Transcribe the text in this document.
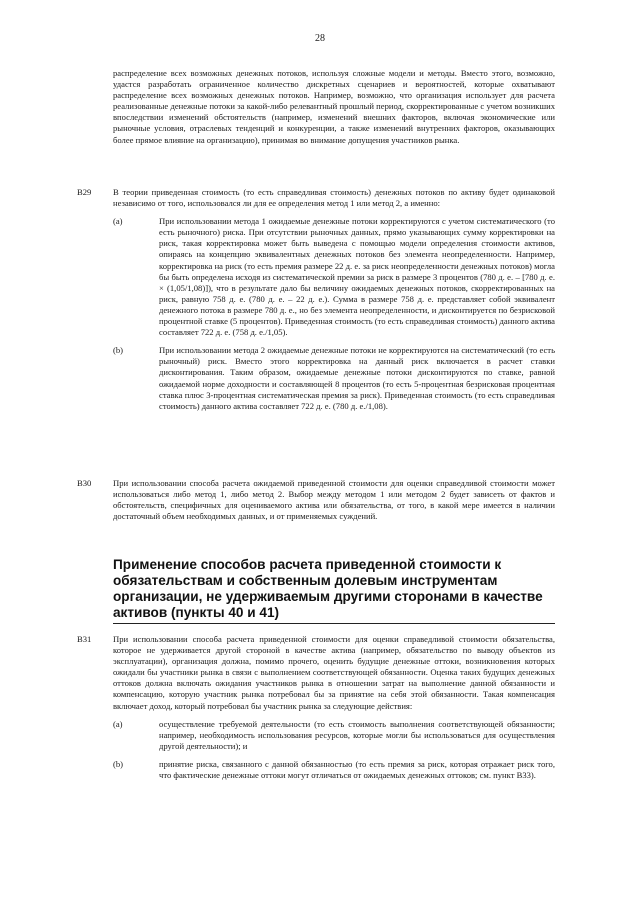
28
распределение всех возможных денежных потоков, используя сложные модели и методы. Вместо этого, возможно, удастся разработать ограниченное количество дискретных сценариев и вероятностей, которые охватывают распределение всех возможных денежных потоков. Например, возможно, что организация использует для расчета реализованные денежные потоки за какой-либо релевантный прошлый период, скорректированные с учетом возникших впоследствии изменений обстоятельств (например, изменений внешних факторов, включая экономические или рыночные условия, отраслевых тенденций и конкуренции, а также изменений внутренних факторов, оказывающих более прямое влияние на организацию), принимая во внимание допущения участников рынка.
B29	В теории приведенная стоимость (то есть справедливая стоимость) денежных потоков по активу будет одинаковой независимо от того, использовался ли для ее определения метод 1 или метод 2, а именно:
(a)	При использовании метода 1 ожидаемые денежные потоки корректируются с учетом систематического (то есть рыночного) риска. При отсутствии рыночных данных, прямо указывающих сумму корректировки на риск, такая корректировка может быть выведена с помощью модели определения стоимости активов, опираясь на концепцию эквивалентных денежных потоков без элемента неопределенности. Например, корректировка на риск (то есть премия размере 22 д. е. за риск неопределенности денежных потоков) могла бы быть определена исходя из систематической премии за риск в размере 3 процентов (780 д. е. – [780 д. е. × (1,05/1,08)]), что в результате дало бы величину ожидаемых денежных потоков, скорректированных на риск, равную 758 д. е. (780 д. е. – 22 д. е.). Сумма в размере 758 д. е. представляет собой эквивалент денежного потока в размере 780 д. е., но без элемента неопределенности, и дисконтируется по безрисковой процентной ставке (5 процентов). Приведенная стоимость (то есть справедливая стоимость) данного актива составляет 722 д. е. (758 д. е./1,05).
(b)	При использовании метода 2 ожидаемые денежные потоки не корректируются на систематический (то есть рыночный) риск. Вместо этого корректировка на данный риск включается в расчет ставки дисконтирования. Таким образом, ожидаемые денежные потоки дисконтируются по ставке, равной ожидаемой норме доходности и составляющей 8 процентов (то есть 5-процентная безрисковая процентная ставка плюс 3-процентная систематическая премия за риск). Приведенная стоимость (то есть справедливая стоимость) данного актива составляет 722 д. е. (780 д. е./1,08).
B30	При использовании способа расчета ожидаемой приведенной стоимости для оценки справедливой стоимости может использоваться либо метод 1, либо метод 2. Выбор между методом 1 или методом 2 будет зависеть от фактов и обстоятельств, специфичных для оцениваемого актива или обязательства, от того, в какой мере имеется в наличии достаточный объем необходимых данных, и от применяемых суждений.
Применение способов расчета приведенной стоимости к обязательствам и собственным долевым инструментам организации, не удерживаемым другими сторонами в качестве активов (пункты 40 и 41)
B31	При использовании способа расчета приведенной стоимости для оценки справедливой стоимости обязательства, которое не удерживается другой стороной в качестве актива (например, обязательство по выводу объектов из эксплуатации), организация должна, помимо прочего, оценить будущие денежные оттоки, возникновения которых ожидали бы участники рынка в связи с выполнением соответствующей обязанности. Оценка таких будущих денежных оттоков должна включать ожидания участников рынка в отношении затрат на выполнение данной обязанности и компенсацию, которую участник рынка потребовал бы за принятие на себя этой обязанности. Такая компенсация включает доход, который потребовал бы участник рынка за следующие действия:
(a)	осуществление требуемой деятельности (то есть стоимость выполнения соответствующей обязанности; например, необходимость использования ресурсов, которые могли бы использоваться для осуществления другой деятельности); и
(b)	принятие риска, связанного с данной обязанностью (то есть премия за риск, которая отражает риск того, что фактические денежные оттоки могут отличаться от ожидаемых денежных оттоков; см. пункт В33).
